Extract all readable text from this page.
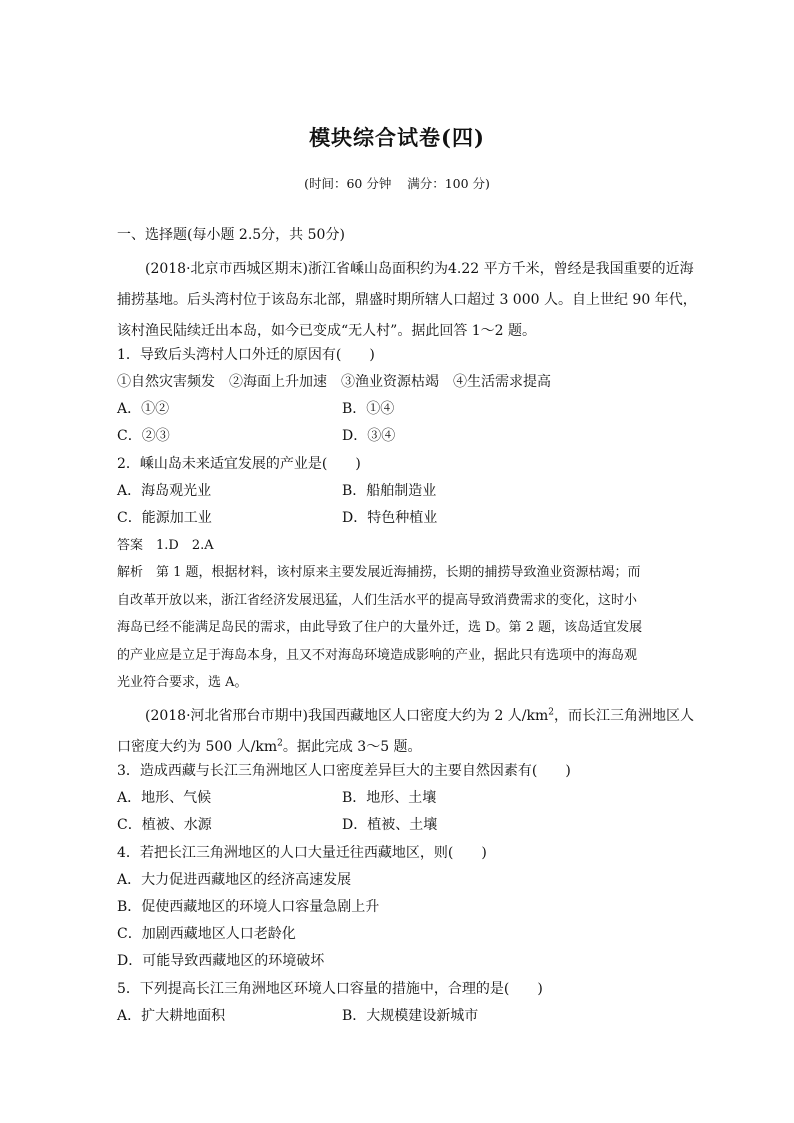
模块综合试卷(四)
(时间：60 分钟    满分：100 分)
一、选择题(每小题 2.5分，共 50分)
(2018·北京市西城区期末)浙江省嵊山岛面积约为4.22 平方千米，曾经是我国重要的近海
捕捞基地。后头湾村位于该岛东北部，鼎盛时期所辖人口超过 3 000 人。自上世纪 90 年代，
该村渔民陆续迁出本岛，如今已变成“无人村”。据此回答 1～2 题。
1．导致后头湾村人口外迁的原因有(　　)
①自然灾害频发　②海面上升加速　③渔业资源枯竭　④生活需求提高
A．①②	B．①④
C．②③	D．③④
2．嵊山岛未来适宜发展的产业是(　　)
A．海岛观光业	B．船舶制造业
C．能源加工业	D．特色种植业
答案　1.D　2.A
解析　第 1 题，根据材料，该村原来主要发展近海捕捞，长期的捕捞导致渔业资源枯竭；而
自改革开放以来，浙江省经济发展迅猛，人们生活水平的提高导致消费需求的变化，这时小
海岛已经不能满足岛民的需求，由此导致了住户的大量外迁，选 D。第 2 题，该岛适宜发展
的产业应是立足于海岛本身，且又不对海岛环境造成影响的产业，据此只有选项中的海岛观
光业符合要求，选 A。
(2018·河北省邢台市期中)我国西藏地区人口密度大约为 2 人$/km^2$，而长江三角洲地区人
口密度大约为 500 人$/km^2$。据此完成 3～5 题。
3．造成西藏与长江三角洲地区人口密度差异巨大的主要自然因素有(　　)
A．地形、气候	B．地形、土壤
C．植被、水源	D．植被、土壤
4．若把长江三角洲地区的人口大量迁往西藏地区，则(　　)
A．大力促进西藏地区的经济高速发展
B．促使西藏地区的环境人口容量急剧上升
C．加剧西藏地区人口老龄化
D．可能导致西藏地区的环境破坏
5．下列提高长江三角洲地区环境人口容量的措施中，合理的是(　　)
A．扩大耕地面积	B．大规模建设新城市
